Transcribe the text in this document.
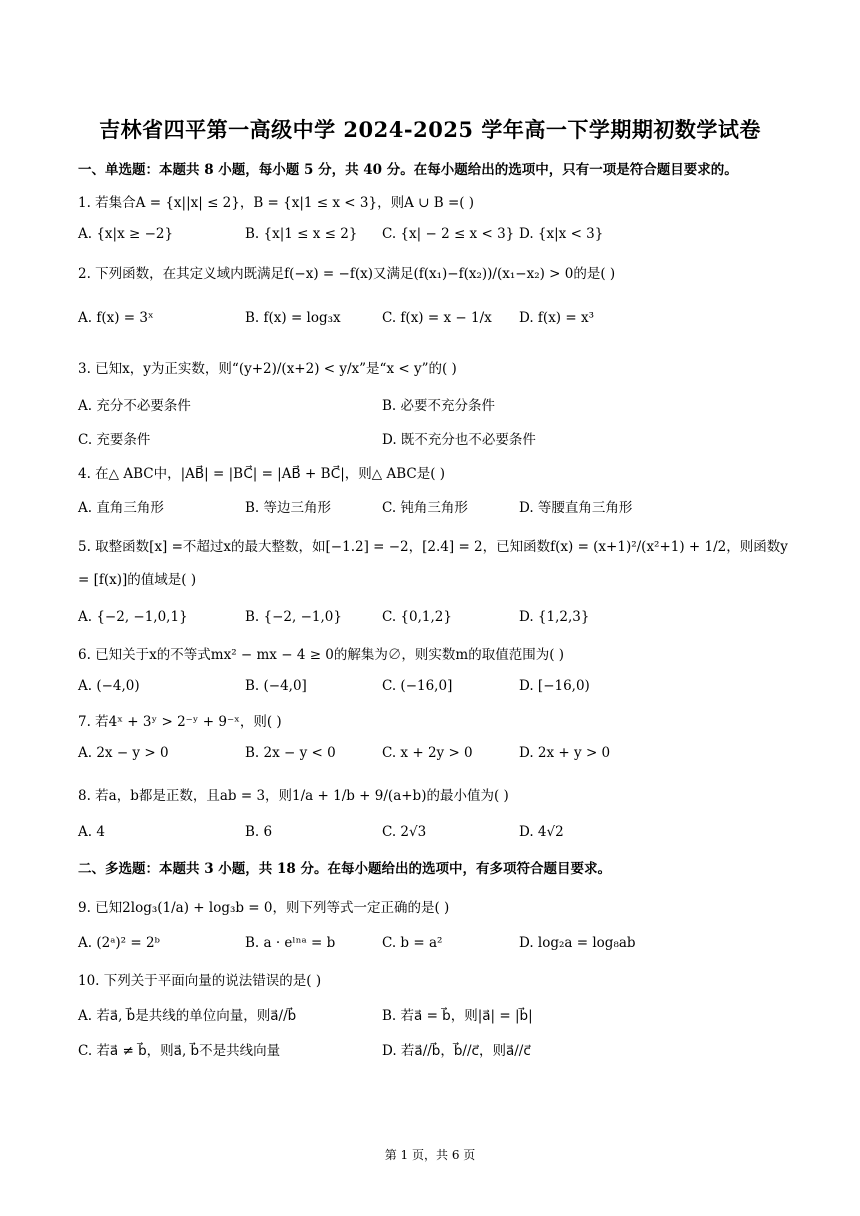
吉林省四平第一高级中学 2024-2025 学年高一下学期期初数学试卷
一、单选题：本题共 8 小题，每小题 5 分，共 40 分。在每小题给出的选项中，只有一项是符合题目要求的。
1. 若集合A = {x||x| ≤ 2}，B = {x|1 ≤ x < 3}，则A ∪ B =( )
A. {x|x ≥ −2}	B. {x|1 ≤ x ≤ 2} C. {x| − 2 ≤ x < 3} D. {x|x < 3}
2. 下列函数，在其定义域内既满足f(−x) = −f(x)又满足(f(x₁)−f(x₂))/(x₁−x₂) > 0的是( )
A. f(x) = 3ˣ	B. f(x) = log₃x	C. f(x) = x − 1/x D. f(x) = x³
3. 已知x，y为正实数，则“(y+2)/(x+2) < y/x”是“x < y”的( )
A. 充分不必要条件	B. 必要不充分条件
C. 充要条件	D. 既不充分也不必要条件
4. 在△ ABC中，|AB⃗| = |BC⃗| = |AB⃗ + BC⃗|，则△ ABC是( )
A. 直角三角形	B. 等边三角形	C. 钝角三角形	D. 等腰直角三角形
5. 取整函数[x] =不超过x的最大整数，如[−1.2] = −2，[2.4] = 2，已知函数f(x) = (x+1)²/(x²+1) + 1/2，则函数y = [f(x)]的值域是( )
A. {−2, −1,0,1}	B. {−2, −1,0}	C. {0,1,2}	D. {1,2,3}
6. 已知关于x的不等式mx² − mx − 4 ≥ 0的解集为∅，则实数m的取值范围为( )
A. (−4,0)	B. (−4,0]	C. (−16,0]	D. [−16,0)
7. 若4ˣ + 3ʸ > 2⁻ʸ + 9⁻ˣ，则( )
A. 2x − y > 0	B. 2x − y < 0	C. x + 2y > 0	D. 2x + y > 0
8. 若a，b都是正数，且ab = 3，则1/a + 1/b + 9/(a+b)的最小值为( )
A. 4	B. 6	C. 2√3	D. 4√2
二、多选题：本题共 3 小题，共 18 分。在每小题给出的选项中，有多项符合题目要求。
9. 已知2log₃(1/a) + log₃b = 0，则下列等式一定正确的是( )
A. (2ᵃ)² = 2ᵇ	B. a · eˡⁿᵃ = b	C. b = a²	D. log₂a = log₈ab
10. 下列关于平面向量的说法错误的是( )
A. 若a⃗, b⃗是共线的单位向量，则a⃗//b⃗	B. 若a⃗ = b⃗，则|a⃗| = |b⃗|
C. 若a⃗ ≠ b⃗，则a⃗, b⃗不是共线向量	D. 若a⃗//b⃗，b⃗//c⃗，则a⃗//c⃗
第 1 页，共 6 页
